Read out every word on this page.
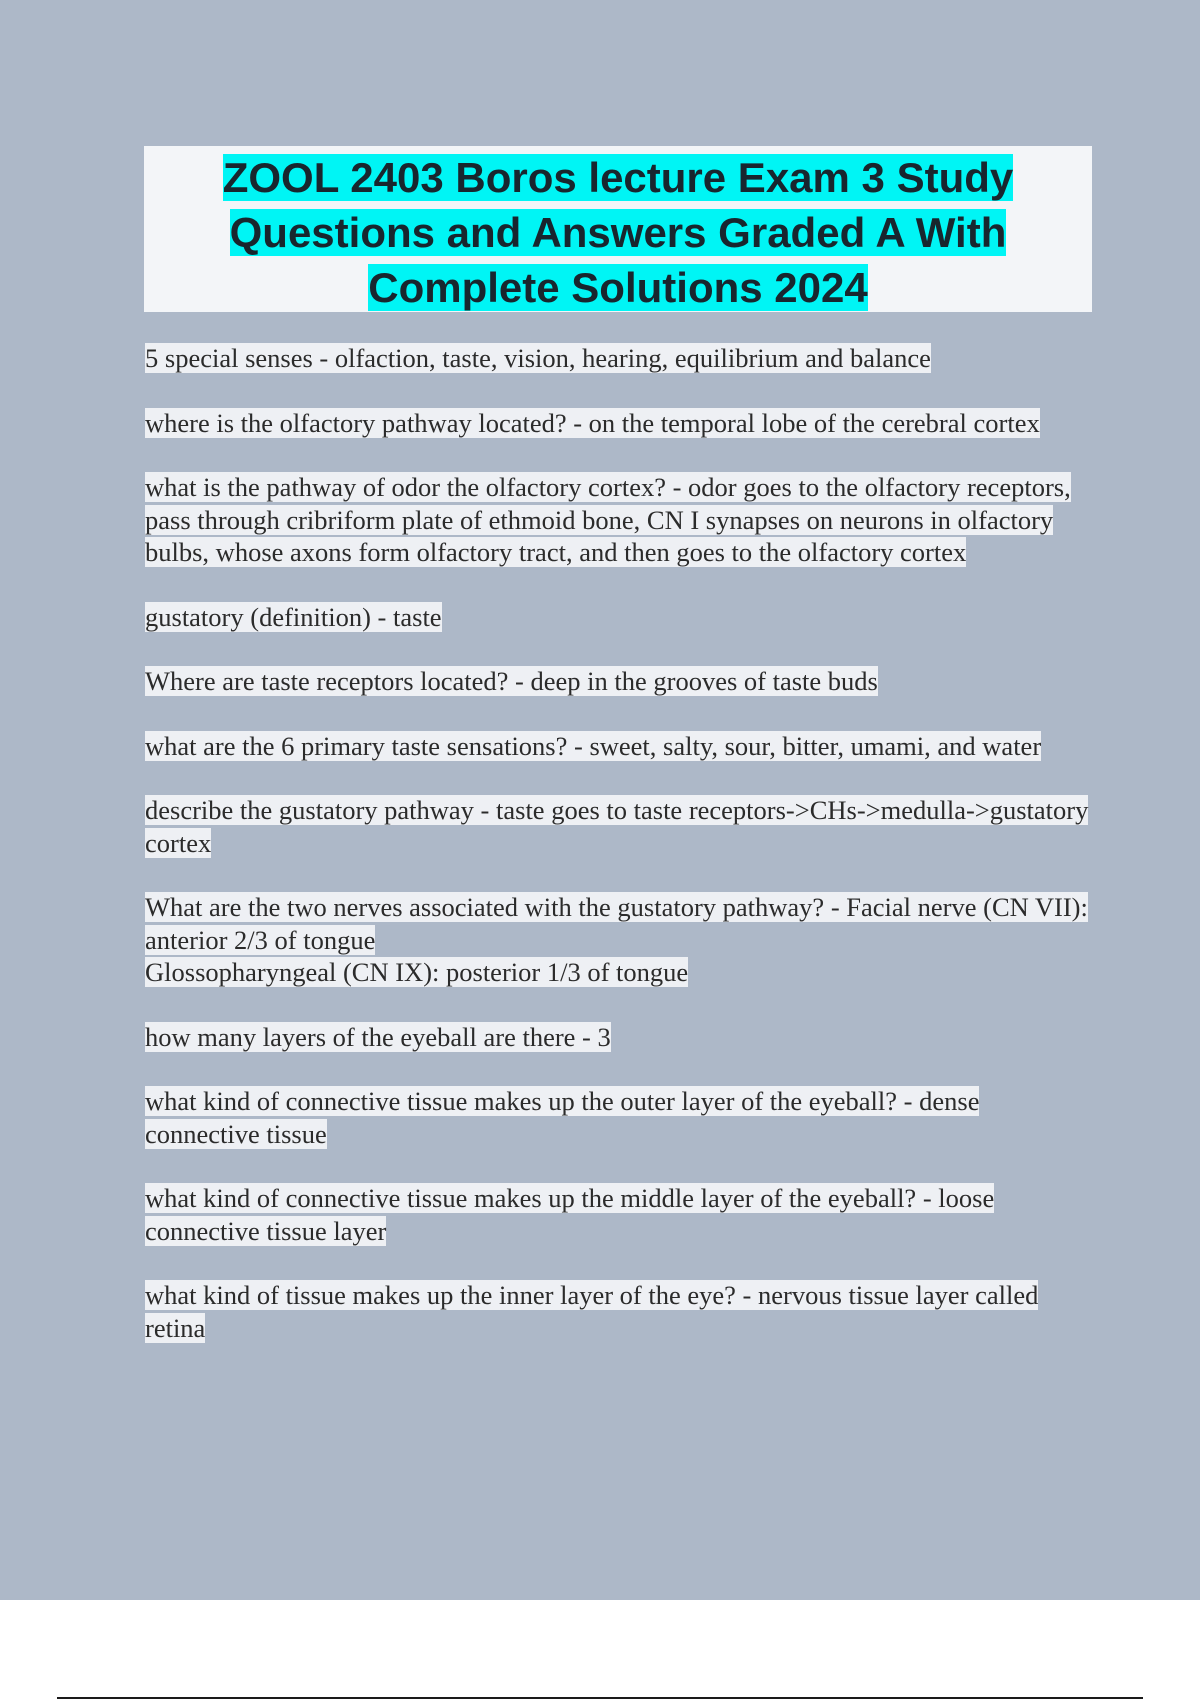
ZOOL 2403 Boros lecture Exam 3 Study Questions and Answers Graded A With Complete Solutions 2024

5 special senses - olfaction, taste, vision, hearing, equilibrium and balance

where is the olfactory pathway located? - on the temporal lobe of the cerebral cortex

what is the pathway of odor the olfactory cortex? - odor goes to the olfactory receptors, pass through cribriform plate of ethmoid bone, CN I synapses on neurons in olfactory bulbs, whose axons form olfactory tract, and then goes to the olfactory cortex

gustatory (definition) - taste

Where are taste receptors located? - deep in the grooves of taste buds

what are the 6 primary taste sensations? - sweet, salty, sour, bitter, umami, and water

describe the gustatory pathway - taste goes to taste receptors->CHs->medulla->gustatory cortex

What are the two nerves associated with the gustatory pathway? - Facial nerve (CN VII): anterior 2/3 of tongue
Glossopharyngeal (CN IX): posterior 1/3 of tongue

how many layers of the eyeball are there - 3

what kind of connective tissue makes up the outer layer of the eyeball? - dense connective tissue

what kind of connective tissue makes up the middle layer of the eyeball? - loose connective tissue layer

what kind of tissue makes up the inner layer of the eye? - nervous tissue layer called retina
